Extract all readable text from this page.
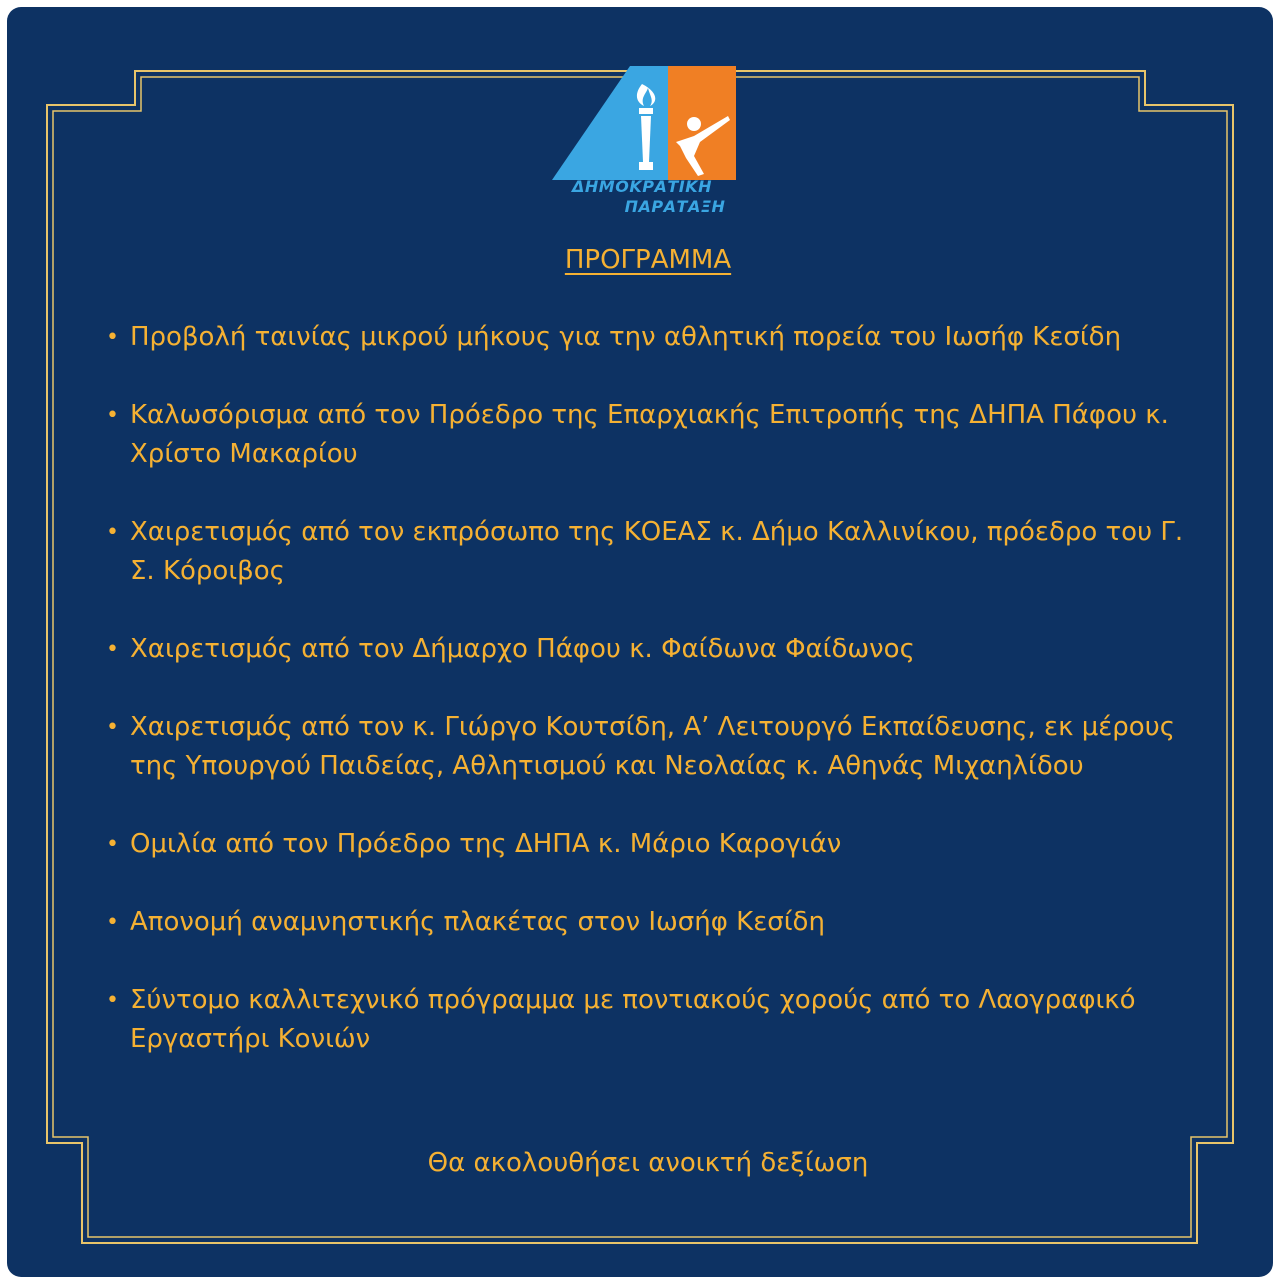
ΔΗΜΟΚΡΑΤΙΚΗ
ΠΑΡΑΤΑΞΗ
ΠΡΟΓΡΑΜΜΑ
• Προβολή ταινίας μικρού μήκους για την αθλητική πορεία του Ιωσήφ Κεσίδη
• Καλωσόρισμα από τον Πρόεδρο της Επαρχιακής Επιτροπής της ΔΗΠΑ Πάφου κ. Χρίστο Μακαρίου
• Χαιρετισμός από τον εκπρόσωπο της ΚΟΕΑΣ κ. Δήμο Καλλινίκου, πρόεδρο του Γ. Σ. Κόροιβος
• Χαιρετισμός από τον Δήμαρχο Πάφου κ. Φαίδωνα Φαίδωνος
• Χαιρετισμός από τον κ. Γιώργο Κουτσίδη, Α’ Λειτουργό Εκπαίδευσης, εκ μέρους της Υπουργού Παιδείας, Αθλητισμού και Νεολαίας κ. Αθηνάς Μιχαηλίδου
• Ομιλία από τον Πρόεδρο της ΔΗΠΑ κ. Μάριο Καρογιάν
• Απονομή αναμνηστικής πλακέτας στον Ιωσήφ Κεσίδη
• Σύντομο καλλιτεχνικό πρόγραμμα με ποντιακούς χορούς από το Λαογραφικό Εργαστήρι Κονιών
Θα ακολουθήσει ανοικτή δεξίωση
